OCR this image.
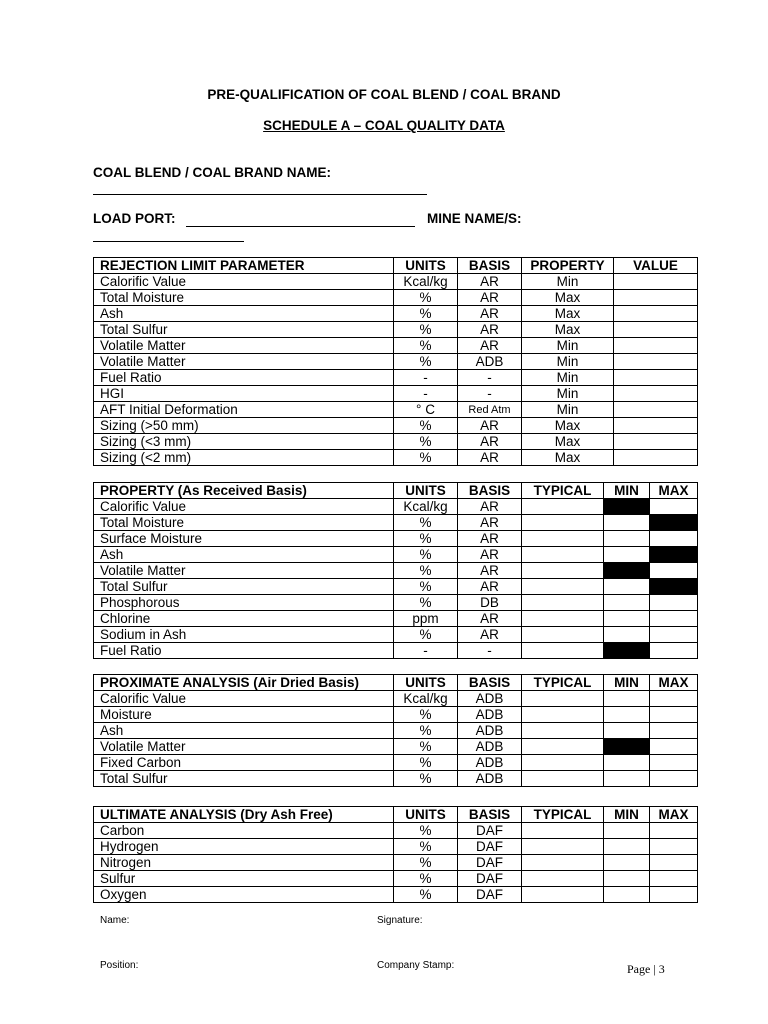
PRE-QUALIFICATION OF COAL BLEND / COAL BRAND
SCHEDULE A – COAL QUALITY DATA
COAL BLEND / COAL BRAND NAME:
LOAD PORT:	MINE NAME/S:
REJECTION LIMIT PARAMETER	UNITS	BASIS	PROPERTY	VALUE
Calorific Value	Kcal/kg	AR	Min	
Total Moisture	%	AR	Max	
Ash	%	AR	Max	
Total Sulfur	%	AR	Max	
Volatile Matter	%	AR	Min	
Volatile Matter	%	ADB	Min	
Fuel Ratio	-	-	Min	
HGI	-	-	Min	
AFT Initial Deformation	° C	Red Atm	Min	
Sizing (>50 mm)	%	AR	Max	
Sizing (<3 mm)	%	AR	Max	
Sizing (<2 mm)	%	AR	Max	
PROPERTY (As Received Basis)	UNITS	BASIS	TYPICAL	MIN	MAX
Calorific Value	Kcal/kg	AR			
Total Moisture	%	AR			
Surface Moisture	%	AR			
Ash	%	AR			
Volatile Matter	%	AR			
Total Sulfur	%	AR			
Phosphorous	%	DB			
Chlorine	ppm	AR			
Sodium in Ash	%	AR			
Fuel Ratio	-	-			
PROXIMATE ANALYSIS (Air Dried Basis)	UNITS	BASIS	TYPICAL	MIN	MAX
Calorific Value	Kcal/kg	ADB			
Moisture	%	ADB			
Ash	%	ADB			
Volatile Matter	%	ADB			
Fixed Carbon	%	ADB			
Total Sulfur	%	ADB			
ULTIMATE ANALYSIS (Dry Ash Free)	UNITS	BASIS	TYPICAL	MIN	MAX
Carbon	%	DAF			
Hydrogen	%	DAF			
Nitrogen	%	DAF			
Sulfur	%	DAF			
Oxygen	%	DAF			
Name:	Signature:
Position:	Company Stamp:	Page | 3
